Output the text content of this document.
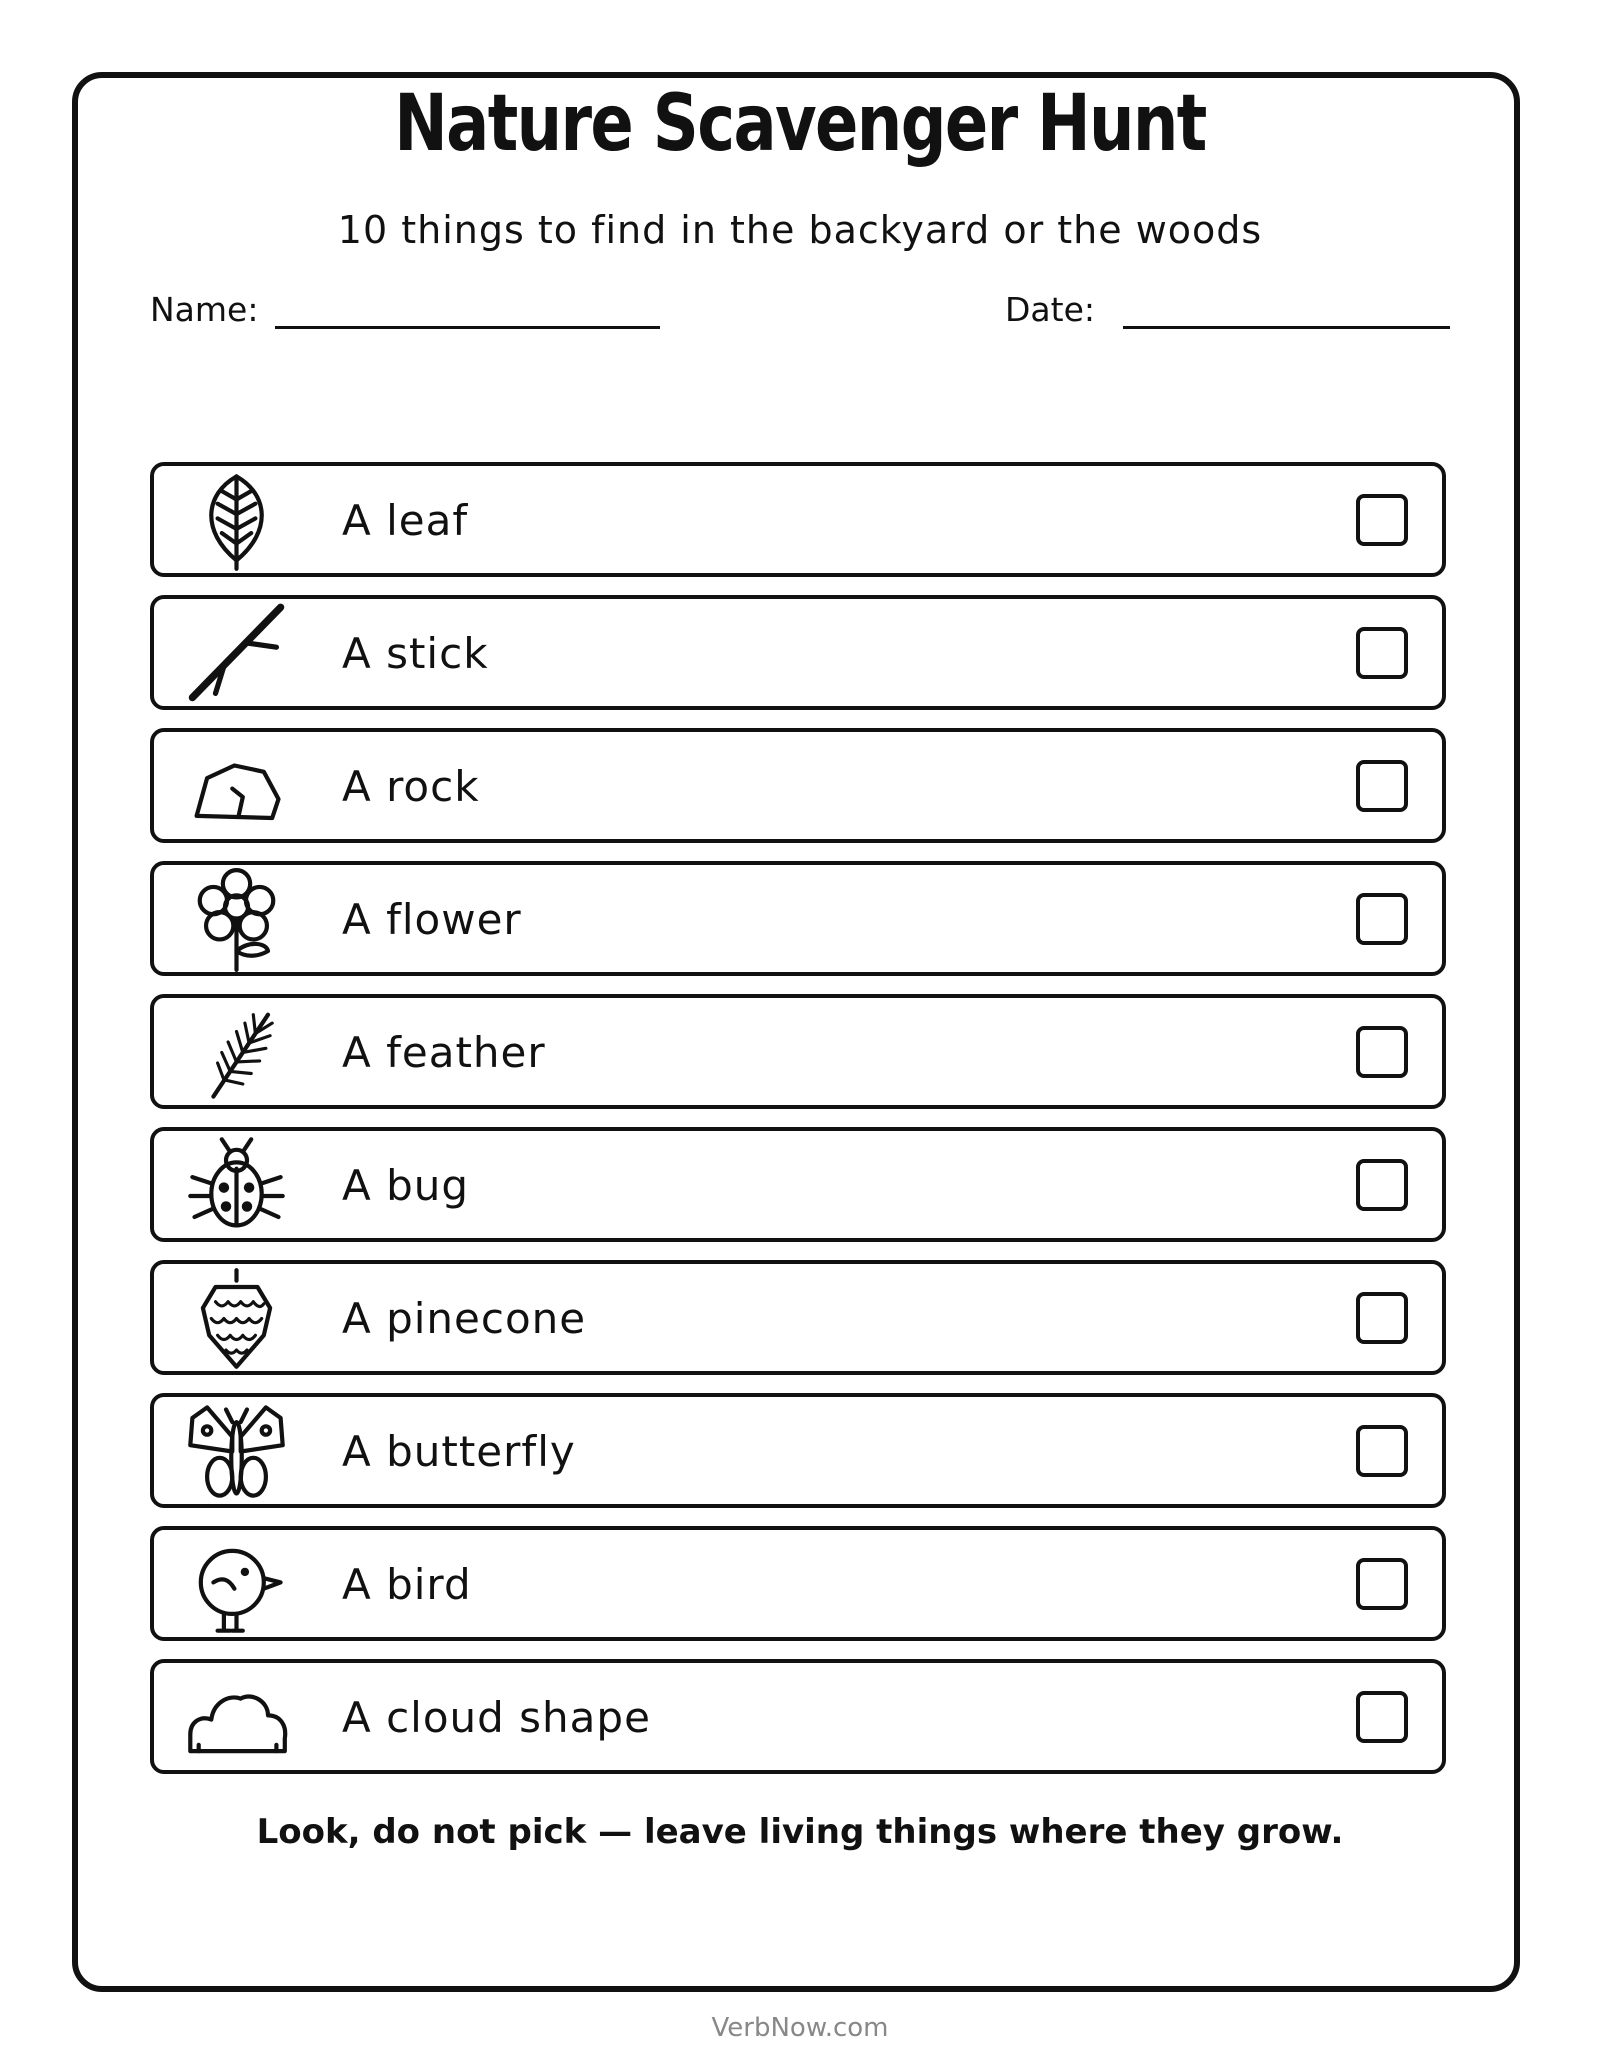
Nature Scavenger Hunt

10 things to find in the backyard or the woods

Name:	Date:
A leaf
A stick
A rock
A flower
A feather
A bug
A pinecone
A butterfly
A bird
A cloud shape

Look, do not pick — leave living things where they grow.

VerbNow.com
